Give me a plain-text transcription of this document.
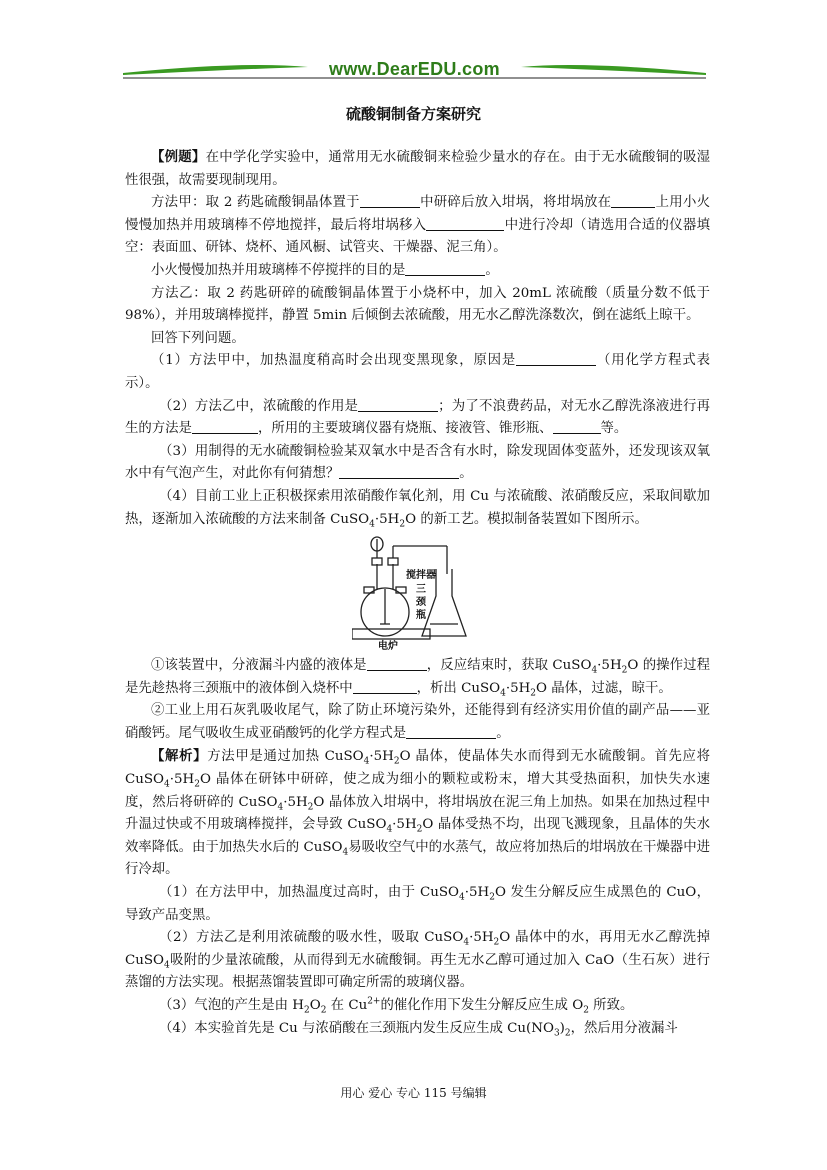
www.DearEDU.com
硫酸铜制备方案研究

【例题】在中学化学实验中，通常用无水硫酸铜来检验少量水的存在。由于无水硫酸铜的吸湿性很强，故需要现制现用。

方法甲：取 2 药匙硫酸铜晶体置于	中研碎后放入坩埚，将坩埚放在	上用小火慢慢加热并用玻璃棒不停地搅拌，最后将坩埚移入	中进行冷却（请选用合适的仪器填空：表面皿、研钵、烧杯、通风橱、试管夹、干燥器、泥三角）。

小火慢慢加热并用玻璃棒不停搅拌的目的是	。

方法乙：取 2 药匙研碎的硫酸铜晶体置于小烧杯中，加入 20mL 浓硫酸（质量分数不低于 98%），并用玻璃棒搅拌，静置 5min 后倾倒去浓硫酸，用无水乙醇洗涤数次，倒在滤纸上晾干。

回答下列问题。

（1）方法甲中，加热温度稍高时会出现变黑现象，原因是	（用化学方程式表示）。

（2）方法乙中，浓硫酸的作用是	；为了不浪费药品，对无水乙醇洗涤液进行再生的方法是	，所用的主要玻璃仪器有烧瓶、接液管、锥形瓶、	等。

（3）用制得的无水硫酸铜检验某双氧水中是否含有水时，除发现固体变蓝外，还发现该双氧水中有气泡产生，对此你有何猜想？	。

（4）目前工业上正积极探索用浓硝酸作氧化剂，用 Cu 与浓硫酸、浓硝酸反应，采取间歇加热，逐渐加入浓硫酸的方法来制备 $CuSO_4\cdot 5H_2O$ 的新工艺。模拟制备装置如下图所示。

搅拌器
三
颈
瓶
电炉

①该装置中，分液漏斗内盛的液体是	，反应结束时，获取 $CuSO_4\cdot 5H_2O$ 的操作过程是先趁热将三颈瓶中的液体倒入烧杯中	，析出 $CuSO_4\cdot 5H_2O$ 晶体，过滤，晾干。

②工业上用石灰乳吸收尾气，除了防止环境污染外，还能得到有经济实用价值的副产品——亚硝酸钙。尾气吸收生成亚硝酸钙的化学方程式是	。

【解析】方法甲是通过加热 $CuSO_4\cdot 5H_2O$ 晶体，使晶体失水而得到无水硫酸铜。首先应将 $CuSO_4\cdot 5H_2O$ 晶体在研钵中研碎，使之成为细小的颗粒或粉末，增大其受热面积，加快失水速度，然后将研碎的 $CuSO_4\cdot 5H_2O$ 晶体放入坩埚中，将坩埚放在泥三角上加热。如果在加热过程中升温过快或不用玻璃棒搅拌，会导致 $CuSO_4\cdot 5H_2O$ 晶体受热不均，出现飞溅现象，且晶体的失水效率降低。由于加热失水后的 CuSO$_4$易吸收空气中的水蒸气，故应将加热后的坩埚放在干燥器中进行冷却。

（1）在方法甲中，加热温度过高时，由于 $CuSO_4\cdot 5H_2O$ 发生分解反应生成黑色的 CuO，导致产品变黑。

（2）方法乙是利用浓硫酸的吸水性，吸取 $CuSO_4\cdot 5H_2O$ 晶体中的水，再用无水乙醇洗掉 CuSO$_4$吸附的少量浓硫酸，从而得到无水硫酸铜。再生无水乙醇可通过加入 CaO（生石灰）进行蒸馏的方法实现。根据蒸馏装置即可确定所需的玻璃仪器。

（3）气泡的产生是由 $H_2O_2$ 在 $Cu^{2+}$的催化作用下发生分解反应生成 $O_2$ 所致。

（4）本实验首先是 Cu 与浓硝酸在三颈瓶内发生反应生成 $Cu(NO_3)_2$，然后用分液漏斗

用心 爱心 专心 115 号编辑
